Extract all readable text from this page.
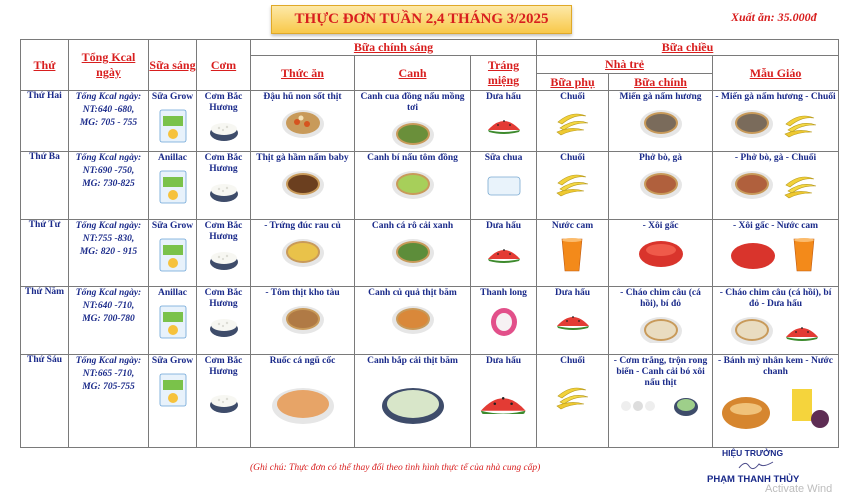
THỰC ĐƠN TUẦN 2,4 THÁNG 3/2025	Xuất ăn: 35.000đ
Thứ	Tổng Kcal ngày	Sữa sáng	Cơm	Bữa chính sáng			Bữa chiều		
				Thức ăn	Canh	Tráng miệng	Nhà trẻ		Mẫu Giáo
							Bữa phụ	Bữa chính	
Thứ Hai	Tổng Kcal ngày:
NT:640 -680,
MG: 705 - 755	Sữa Grow	Cơm Bắc Hương	Đậu hũ non sốt thịt	Canh cua đồng nấu mồng tơi	Dưa hấu	Chuối	Miến gà nấm hương	- Miến gà nấm hương - Chuối

Thứ Ba	Tổng Kcal ngày:
NT:690 -750,
MG: 730-825	Anillac	Cơm Bắc Hương	Thịt gà hầm nấm baby	Canh bí nấu tôm đồng	Sữa chua	Chuối	Phở bò, gà	- Phở bò, gà - Chuối

Thứ Tư	Tổng Kcal ngày:
NT:755 -830,
MG: 820 - 915	Sữa Grow	Cơm Bắc Hương	- Trứng đúc rau củ	Canh cá rô cải xanh	Dưa hấu	Nước cam	- Xôi gấc	- Xôi gấc - Nước cam

Thứ Năm	Tổng Kcal ngày:
NT:640 -710,
MG: 700-780	Anillac	Cơm Bắc Hương	- Tôm thịt kho tàu	Canh củ quả thịt băm	Thanh long	Dưa hấu	- Cháo chim câu (cá hồi), bí đỏ	- Cháo chim câu (cá hồi), bí đỏ - Dưa hấu

Thứ Sáu	Tổng Kcal ngày:
NT:665 -710,
MG: 705-755	Sữa Grow	Cơm Bắc Hương	Ruốc cá ngũ cốc	Canh bắp cải thịt băm	Dưa hấu	Chuối	- Cơm trắng, trộn rong biển - Canh cải bó xôi nấu thịt	- Bánh mỳ nhân kem - Nước chanh
(Ghi chú: Thực đơn có thể thay đổi theo tình hình thực tế của nhà cung cấp)
HIỆU TRƯỞNG
PHẠM THANH THỦY
Activate Wind
